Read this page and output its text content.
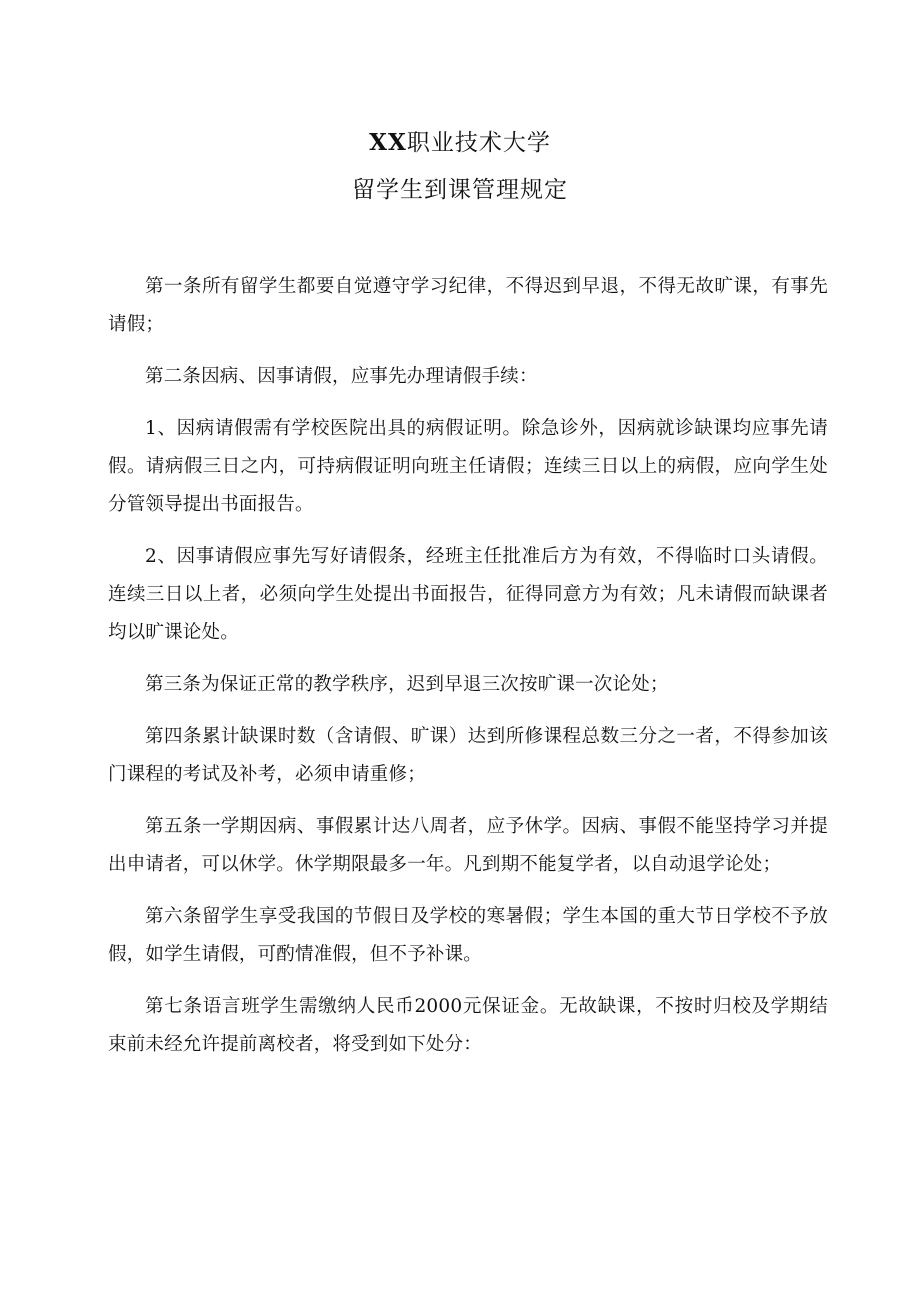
XX职业技术大学
留学生到课管理规定

第一条所有留学生都要自觉遵守学习纪律，不得迟到早退，不得无故旷课，有事先请假；

第二条因病、因事请假，应事先办理请假手续：

1、因病请假需有学校医院出具的病假证明。除急诊外，因病就诊缺课均应事先请假。请病假三日之内，可持病假证明向班主任请假；连续三日以上的病假，应向学生处分管领导提出书面报告。

2、因事请假应事先写好请假条，经班主任批准后方为有效，不得临时口头请假。连续三日以上者，必须向学生处提出书面报告，征得同意方为有效；凡未请假而缺课者均以旷课论处。

第三条为保证正常的教学秩序，迟到早退三次按旷课一次论处；

第四条累计缺课时数（含请假、旷课）达到所修课程总数三分之一者，不得参加该门课程的考试及补考，必须申请重修；

第五条一学期因病、事假累计达八周者，应予休学。因病、事假不能坚持学习并提出申请者，可以休学。休学期限最多一年。凡到期不能复学者，以自动退学论处；

第六条留学生享受我国的节假日及学校的寒暑假；学生本国的重大节日学校不予放假，如学生请假，可酌情准假，但不予补课。

第七条语言班学生需缴纳人民币2000元保证金。无故缺课，不按时归校及学期结束前未经允许提前离校者，将受到如下处分：
